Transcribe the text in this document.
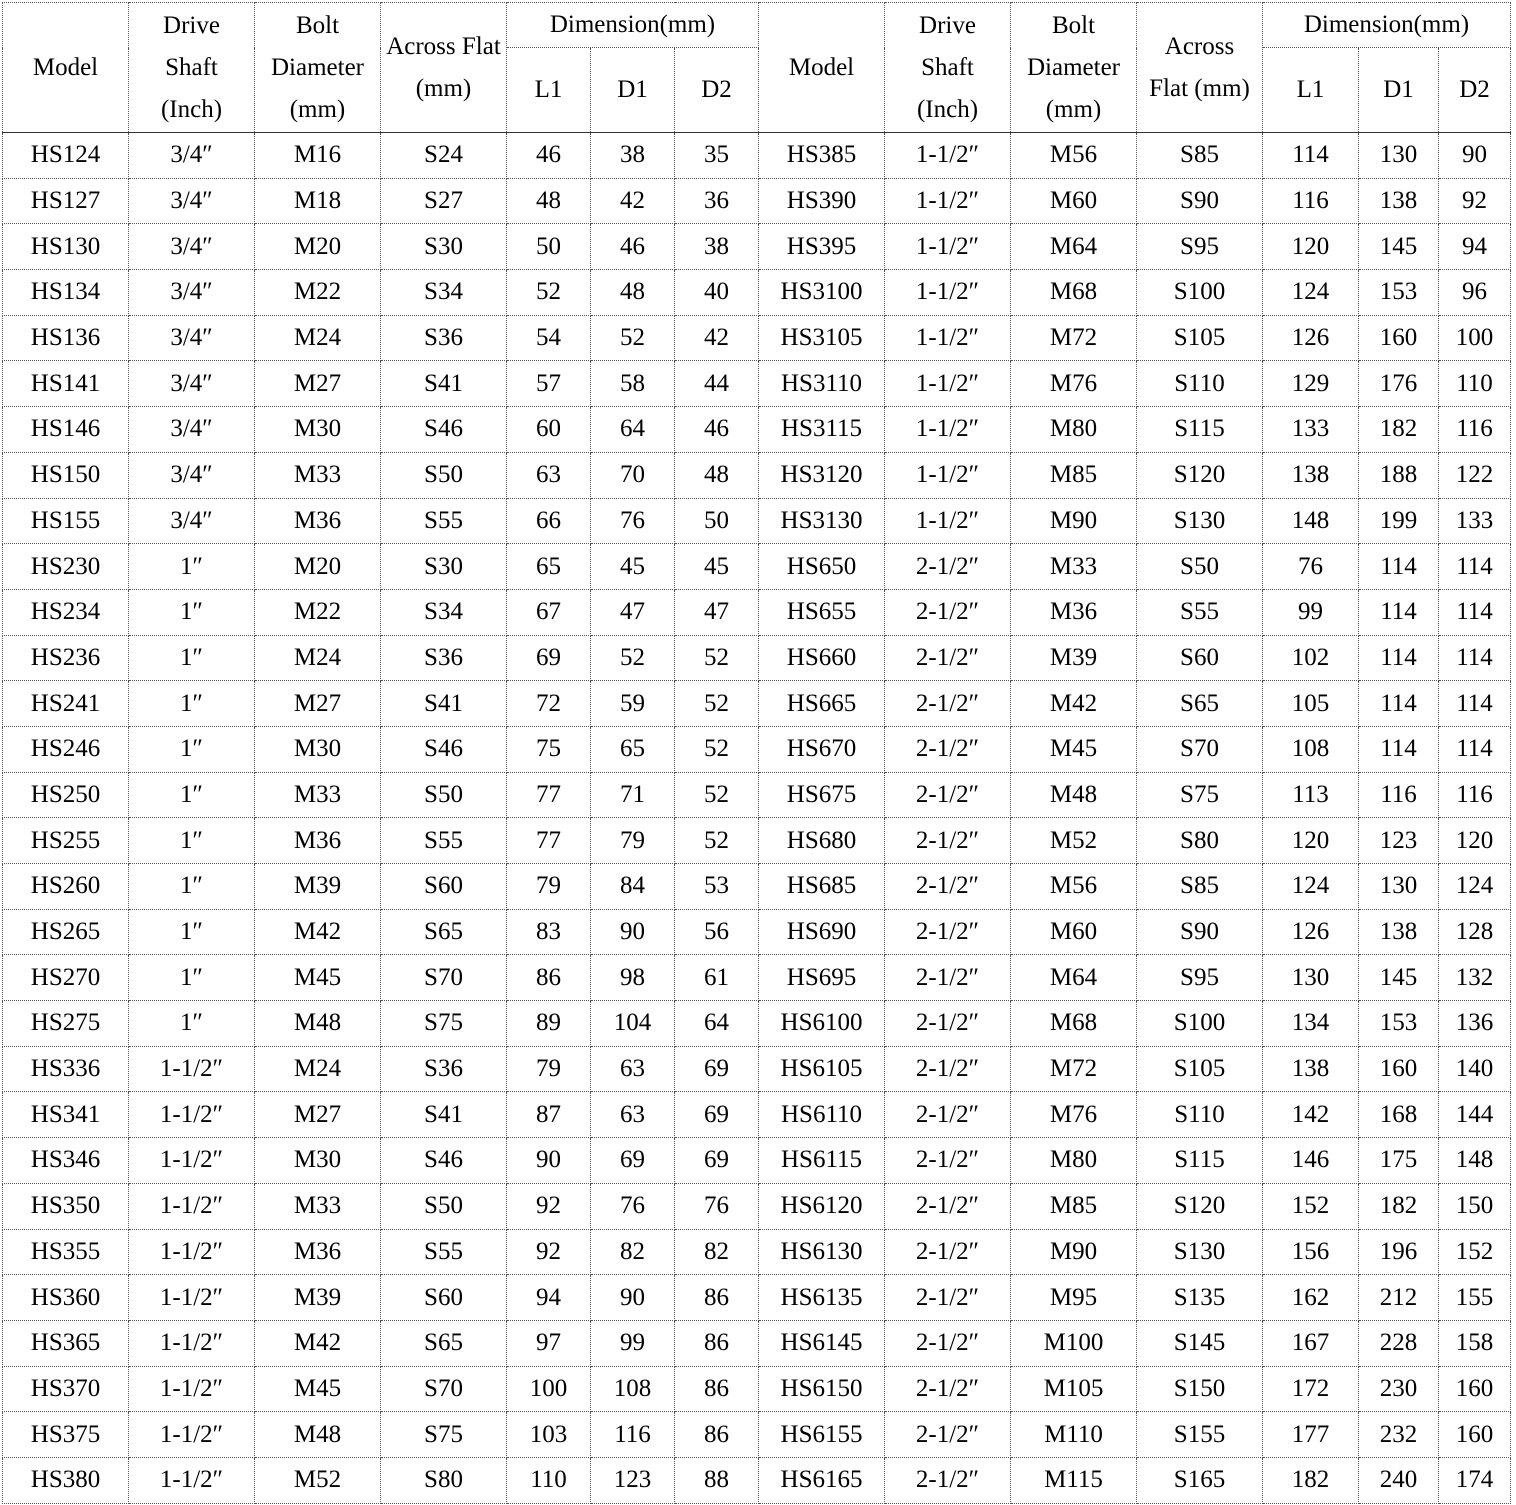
Model	Drive
Shaft
(Inch)	Bolt
Diameter
(mm)	Across Flat
(mm)	Dimension(mm)			Model	Drive
Shaft
(Inch)	Bolt
Diameter
(mm)	Across
Flat (mm)	Dimension(mm)		
				L1	D1	D2					L1	D1	D2
HS124	3/4″	M16	S24	46	38	35	HS385	1-1/2″	M56	S85	114	130	90
HS127	3/4″	M18	S27	48	42	36	HS390	1-1/2″	M60	S90	116	138	92
HS130	3/4″	M20	S30	50	46	38	HS395	1-1/2″	M64	S95	120	145	94
HS134	3/4″	M22	S34	52	48	40	HS3100	1-1/2″	M68	S100	124	153	96
HS136	3/4″	M24	S36	54	52	42	HS3105	1-1/2″	M72	S105	126	160	100
HS141	3/4″	M27	S41	57	58	44	HS3110	1-1/2″	M76	S110	129	176	110
HS146	3/4″	M30	S46	60	64	46	HS3115	1-1/2″	M80	S115	133	182	116
HS150	3/4″	M33	S50	63	70	48	HS3120	1-1/2″	M85	S120	138	188	122
HS155	3/4″	M36	S55	66	76	50	HS3130	1-1/2″	M90	S130	148	199	133
HS230	1″	M20	S30	65	45	45	HS650	2-1/2″	M33	S50	76	114	114
HS234	1″	M22	S34	67	47	47	HS655	2-1/2″	M36	S55	99	114	114
HS236	1″	M24	S36	69	52	52	HS660	2-1/2″	M39	S60	102	114	114
HS241	1″	M27	S41	72	59	52	HS665	2-1/2″	M42	S65	105	114	114
HS246	1″	M30	S46	75	65	52	HS670	2-1/2″	M45	S70	108	114	114
HS250	1″	M33	S50	77	71	52	HS675	2-1/2″	M48	S75	113	116	116
HS255	1″	M36	S55	77	79	52	HS680	2-1/2″	M52	S80	120	123	120
HS260	1″	M39	S60	79	84	53	HS685	2-1/2″	M56	S85	124	130	124
HS265	1″	M42	S65	83	90	56	HS690	2-1/2″	M60	S90	126	138	128
HS270	1″	M45	S70	86	98	61	HS695	2-1/2″	M64	S95	130	145	132
HS275	1″	M48	S75	89	104	64	HS6100	2-1/2″	M68	S100	134	153	136
HS336	1-1/2″	M24	S36	79	63	69	HS6105	2-1/2″	M72	S105	138	160	140
HS341	1-1/2″	M27	S41	87	63	69	HS6110	2-1/2″	M76	S110	142	168	144
HS346	1-1/2″	M30	S46	90	69	69	HS6115	2-1/2″	M80	S115	146	175	148
HS350	1-1/2″	M33	S50	92	76	76	HS6120	2-1/2″	M85	S120	152	182	150
HS355	1-1/2″	M36	S55	92	82	82	HS6130	2-1/2″	M90	S130	156	196	152
HS360	1-1/2″	M39	S60	94	90	86	HS6135	2-1/2″	M95	S135	162	212	155
HS365	1-1/2″	M42	S65	97	99	86	HS6145	2-1/2″	M100	S145	167	228	158
HS370	1-1/2″	M45	S70	100	108	86	HS6150	2-1/2″	M105	S150	172	230	160
HS375	1-1/2″	M48	S75	103	116	86	HS6155	2-1/2″	M110	S155	177	232	160
HS380	1-1/2″	M52	S80	110	123	88	HS6165	2-1/2″	M115	S165	182	240	174
